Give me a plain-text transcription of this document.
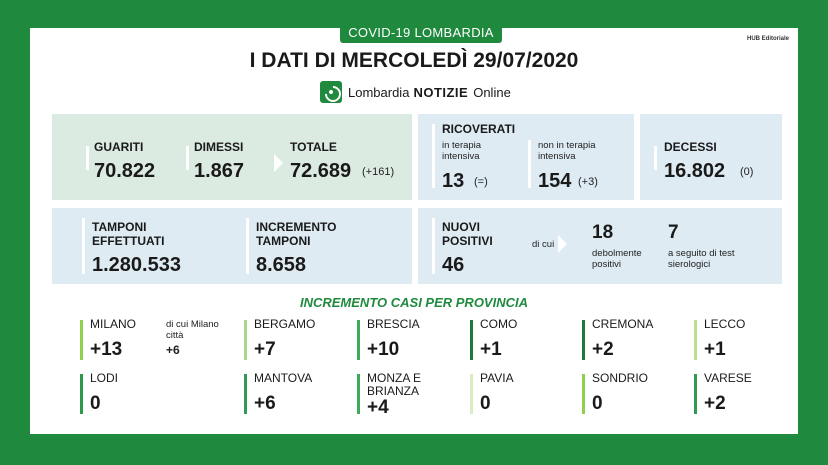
COVID-19 LOMBARDIA	HUB Editoriale
I DATI DI MERCOLEDÌ 29/07/2020
Lombardia NOTIZIE Online
GUARITI
70.822
DIMESSI
1.867
TOTALE
72.689 (+161)
RICOVERATI
in terapia intensiva
13 (=)
non in terapia intensiva
154 (+3)
DECESSI
16.802 (0)
TAMPONI EFFETTUATI
1.280.533
INCREMENTO TAMPONI
8.658
NUOVI POSITIVI
46
di cui
18
debolmente positivi
7
a seguito di test sierologici
INCREMENTO CASI PER PROVINCIA
MILANO
+13
di cui Milano città
+6
BERGAMO
+7
BRESCIA
+10
COMO
+1
CREMONA
+2
LECCO
+1
LODI
0
MANTOVA
+6
MONZA E BRIANZA
+4
PAVIA
0
SONDRIO
0
VARESE
+2
